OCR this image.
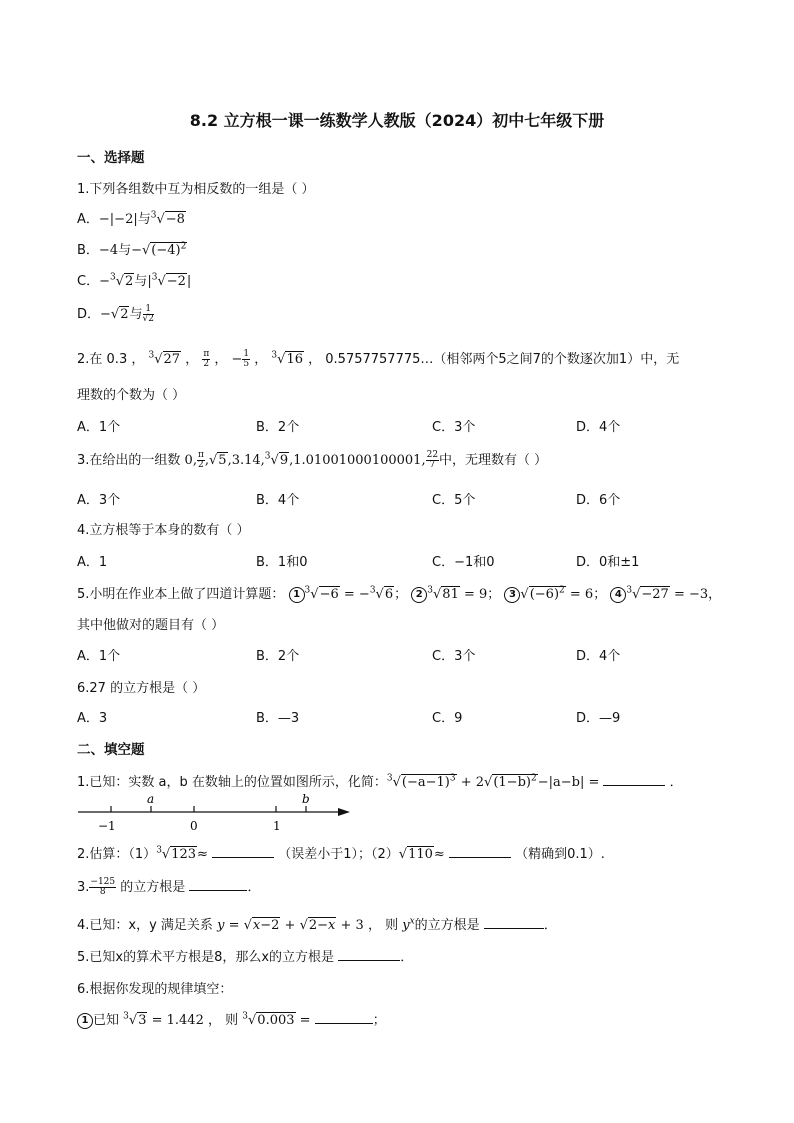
8.2 立方根一课一练数学人教版（2024）初中七年级下册
一、选择题
1.下列各组数中互为相反数的一组是（ ）
A．−|−2|与$^3$√−8
B．−4与$-√(-4)^2$
C．−$^3$√2与$|^3√-2|$
D．−√2与 $\frac{1}{√2}$
2.在 0.3 ， $^3$√27 ， $\frac{\pi}{2}$ ， − $\frac{1}{5}$ ， $^3$√16 ， 0.5757757775…（相邻两个5之间7的个数逐次加1）中，无
理数的个数为（ ）
A．1个	B．2个	C．3个	D．4个
3.在给出的一组数 0, $\frac{\pi}{2} ,√5,3.14,^3√9,1.01001000100001$, $\frac{22}{7}$ 中，无理数有（ ）
A．3个	B．4个	C．5个	D．6个
4.立方根等于本身的数有（ ）
A．1	B．1和0	C．−1和0	D．0和±1
5.小明在作业本上做了四道计算题： 1 $^3$√−6 = −$^3$√6； 2 $^3$√81 = 9； 3 $√(-6)^2 = 6$； 4 $^3$√−27 = −3，
其中他做对的题目有（ ）
A．1个	B．2个	C．3个	D．4个
6.27 的立方根是（ ）
A．3	B．—3	C．9	D．—9
二、填空题
1.已知：实数 a，b 在数轴上的位置如图所示，化简：$^3√(-a-1)^3 + 2√(1-b)^2-|a-b|$ =	．
−1	0	1
a	b
2.估算：$(1)^3√123\approx$	（误差小于1）；（2）√110≈	（精确到0.1）.
3. $\frac{-125}{8}$ 的立方根是	．
4.已知：x，y 满足关系 y = √x−2 + √2−x + 3 ， 则 $y^x$的立方根是	．
5.已知x的算术平方根是8，那么x的立方根是	．
6.根据你发现的规律填空：
1 已知 $^3$√3 = 1.442 ， 则 $^3$√0.003 =	；
